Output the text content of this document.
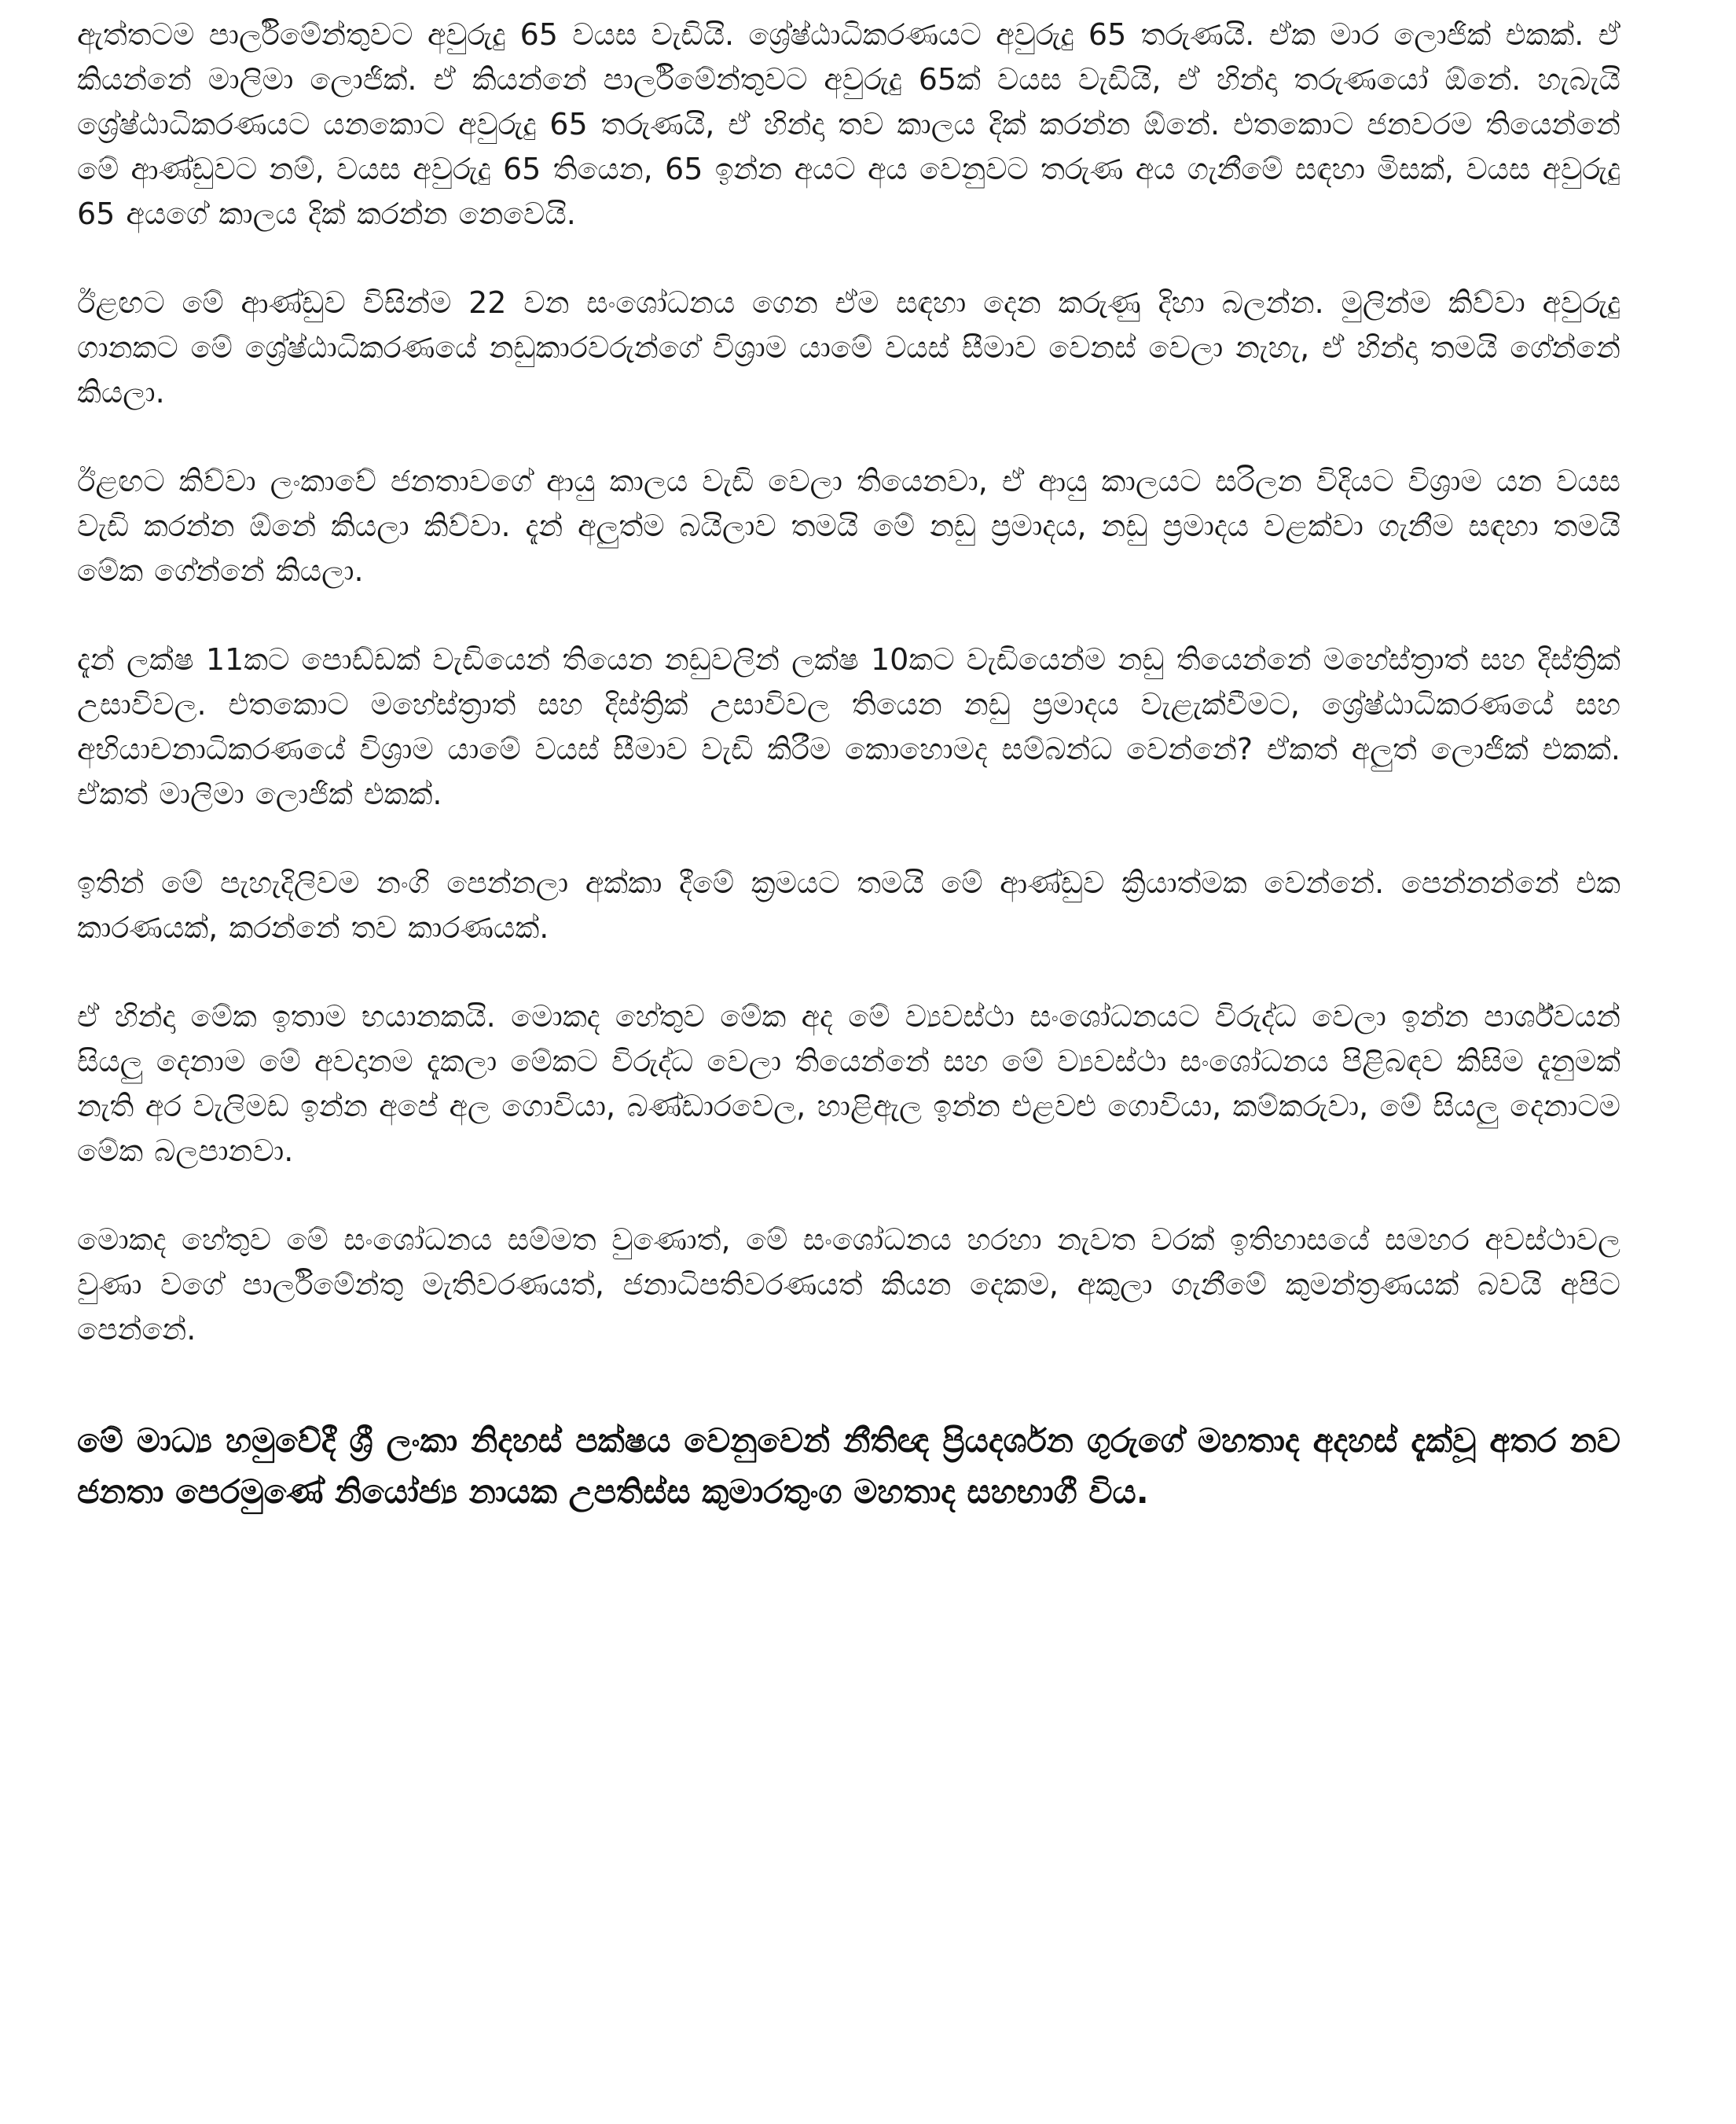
ඇත්තටම පාර්ලිමේන්තුවට අවුරුදු 65 වයස වැඩියි. ශ්‍රේෂ්ඨාධිකරණයට අවුරුදු 65 තරුණයි. ඒක මාර ලොජික් එකක්. ඒ කියන්නේ මාලිමා ලොජික්. ඒ කියන්නේ පාර්ලිමේන්තුවට අවුරුදු 65ක් වයස වැඩියි, ඒ හින්දා තරුණයෝ ඕනේ. හැබැයි ශ්‍රේෂ්ඨාධිකරණයට යනකොට අවුරුදු 65 තරුණයි, ඒ හින්දා තව කාලය දික් කරන්න ඕනේ. එතකොට ජනවරම තියෙන්නේ මේ ආණ්ඩුවට නම්, වයස අවුරුදු 65 තියෙන, 65 ඉන්න අයට අය වෙනුවට තරුණ අය ගැනීමේ සඳහා මිසක්, වයස අවුරුදු 65 අයගේ කාලය දික් කරන්න නෙවෙයි.

ඊළඟට මේ ආණ්ඩුව විසින්ම 22 වන සංශෝධනය ගෙන ඒම සඳහා දෙන කරුණු දිහා බලන්න. මුලින්ම කිව්වා අවුරුදු ගානකට මේ ශ්‍රේෂ්ඨාධිකරණයේ නඩුකාරවරුන්ගේ විශ්‍රාම යාමේ වයස් සීමාව වෙනස් වෙලා නැහැ, ඒ හින්දා තමයි ගේන්නේ කියලා.

ඊළඟට කිව්වා ලංකාවේ ජනතාවගේ ආයු කාලය වැඩි වෙලා තියෙනවා, ඒ ආයු කාලයට සරිලන විදියට විශ්‍රාම යන වයස වැඩි කරන්න ඕනේ කියලා කිව්වා. දැන් අලුත්ම බයිලාව තමයි මේ නඩු ප්‍රමාදය, නඩු ප්‍රමාදය වළක්වා ගැනීම සඳහා තමයි මේක ගේන්නේ කියලා.

දැන් ලක්ෂ 11කට පොඩ්ඩක් වැඩියෙන් තියෙන නඩුවලින් ලක්ෂ 10කට වැඩියෙන්ම නඩු තියෙන්නේ මහේස්ත්‍රාත් සහ දිස්ත්‍රික් උසාවිවල. එතකොට මහේස්ත්‍රාත් සහ දිස්ත්‍රික් උසාවිවල තියෙන නඩු ප්‍රමාදය වැළැක්වීමට, ශ්‍රේෂ්ඨාධිකරණයේ සහ අභියාචනාධිකරණයේ විශ්‍රාම යාමේ වයස් සීමාව වැඩි කිරීම කොහොමද සම්බන්ධ වෙන්නේ? ඒකත් අලුත් ලොජික් එකක්. ඒකත් මාලිමා ලොජික් එකක්.

ඉතින් මේ පැහැදිලිවම නංගි පෙන්නලා අක්කා දීමේ ක්‍රමයට තමයි මේ ආණ්ඩුව ක්‍රියාත්මක වෙන්නේ. පෙන්නන්නේ එක කාරණයක්, කරන්නේ තව කාරණයක්.

ඒ හින්දා මේක ඉතාම භයානකයි. මොකද හේතුව මේක අද මේ ව්‍යවස්ථා සංශෝධනයට විරුද්ධ වෙලා ඉන්න පාර්ශ්වයන් සියලු දෙනාම මේ අවදානම දැකලා මේකට විරුද්ධ වෙලා තියෙන්නේ සහ මේ ව්‍යවස්ථා සංශෝධනය පිළිබඳව කිසිම දැනුමක් නැති අර වැලිමඩ ඉන්න අපේ අල ගොවියා, බණ්ඩාරවෙල, හාළිඇල ඉන්න එළවළු ගොවියා, කම්කරුවා, මේ සියලු දෙනාටම මේක බලපානවා.

මොකද හේතුව මේ සංශෝධනය සම්මත වුණොත්, මේ සංශෝධනය හරහා නැවත වරක් ඉතිහාසයේ සමහර අවස්ථාවල වුණා වගේ පාර්ලිමේන්තු මැතිවරණයත්, ජනාධිපතිවරණයත් කියන දෙකම, අකුලා ගැනීමේ කුමන්ත්‍රණයක් බවයි අපිට පෙන්නේ.

මේ මාධ්‍ය හමුවේදී ශ්‍රී ලංකා නිදහස් පක්ෂය වෙනුවෙන් නීතිඥ ප්‍රියදර්ශන ගුරුගේ මහතාද අදහස් දැක්වූ අතර නව ජනතා පෙරමුණේ නියෝජ්‍ය නායක උපතිස්ස කුමාරතුංග මහතාද සහභාගී විය.
